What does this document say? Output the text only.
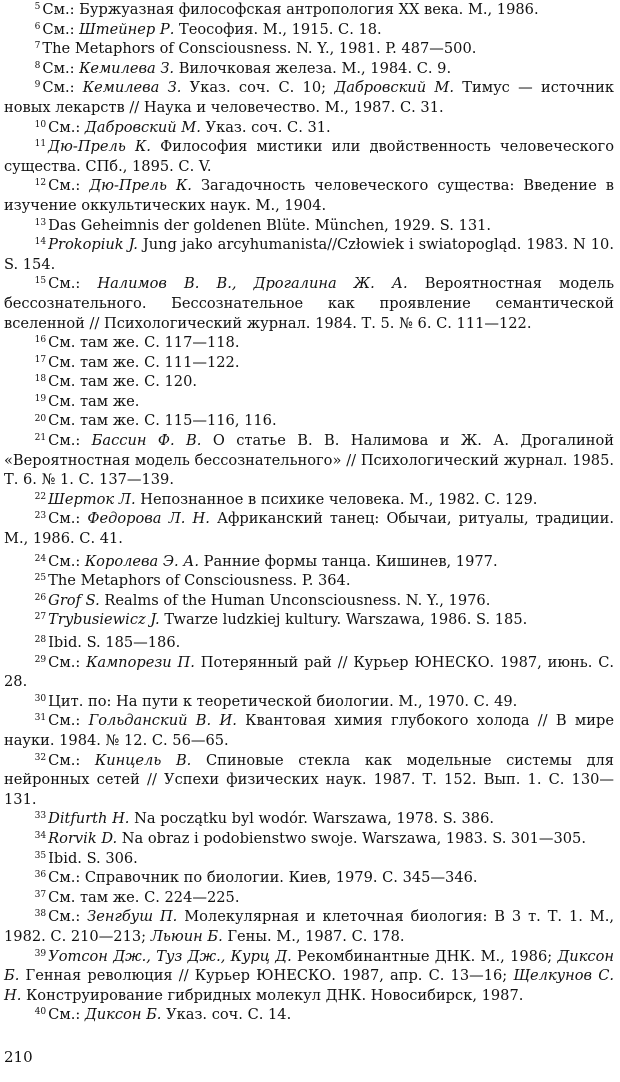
$^5$ См.: Буржуазная философская антропология XX века. М., 1986.

$^6$ См.: Штейнер Р. Теософия. М., 1915. С. 18.

$^7$ The Metaphors of Consciousness. N. Y., 1981. P. 487—500.

$^8$ См.: Кемилева З. Вилочковая железа. М., 1984. С. 9.

$^9$ См.: Кемилева З. Указ. соч. С. 10; Дабровский М. Тимус — источник новых лекарств // Наука и человечество. М., 1987. С. 31.

$^{10}$ См.: Дабровский М. Указ. соч. С. 31.

$^{11}$ Дю-Прель К. Философия мистики или двойственность человеческого существа. СПб., 1895. С. V.

$^{12}$ См.: Дю-Прель К. Загадочность человеческого существа: Введение в изучение оккультических наук. М., 1904.

$^{13}$ Das Geheimnis der goldenen Blüte. München, 1929. S. 131.

$^{14}$ Prokopiuk J. Jung jako arcyhumanista//Człowiek i swiatopogląd. 1983. N 10. S. 154.

$^{15}$ См.: Налимов В. В., Дрогалина Ж. А. Вероятностная модель бессознательного. Бессознательное как проявление семантической вселенной // Психологический журнал. 1984. Т. 5. № 6. С. 111—122.

$^{16}$ См. там же. С. 117—118.

$^{17}$ См. там же. С. 111—122.

$^{18}$ См. там же. С. 120.

$^{19}$ См. там же.

$^{20}$ См. там же. С. 115—116, 116.

$^{21}$ См.: Бассин Ф. В. О статье В. В. Налимова и Ж. А. Дрогалиной «Вероятностная модель бессознательного» // Психологический журнал. 1985. Т. 6. № 1. С. 137—139.

$^{22}$ Шерток Л. Непознанное в психике человека. М., 1982. С. 129.

$^{23}$ См.: Федорова Л. Н. Африканский танец: Обычаи, ритуалы, традиции. М., 1986. С. 41.

$^{24}$ См.: Королева Э. А. Ранние формы танца. Кишинев, 1977.

$^{25}$ The Metaphors of Consciousness. P. 364.

$^{26}$ Grof S. Realms of the Human Unconsciousness. N. Y., 1976.

$^{27}$ Trybusiewicz J. Twarze ludzkiej kultury. Warszawa, 1986. S. 185.

$^{28}$ Ibid. S. 185—186.

$^{29}$ См.: Кампорези П. Потерянный рай // Курьер ЮНЕСКО. 1987, июнь. С. 28.

$^{30}$ Цит. по: На пути к теоретической биологии. М., 1970. С. 49.

$^{31}$ См.: Гольданский В. И. Квантовая химия глубокого холода // В мире науки. 1984. № 12. С. 56—65.

$^{32}$ См.: Кинцель В. Спиновые стекла как модельные системы для нейронных сетей // Успехи физических наук. 1987. Т. 152. Вып. 1. С. 130—131.

$^{33}$ Ditfurth H. Na początku byl wodór. Warszawa, 1978. S. 386.

$^{34}$ Rorvik D. Na obraz i podobienstwo swoje. Warszawa, 1983. S. 301—305.

$^{35}$ Ibid. S. 306.

$^{36}$ См.: Справочник по биологии. Киев, 1979. С. 345—346.

$^{37}$ См. там же. С. 224—225.

$^{38}$ См.: Зенгбуш П. Молекулярная и клеточная биология: В 3 т. Т. 1. М., 1982. С. 210—213; Льюин Б. Гены. М., 1987. С. 178.

$^{39}$ Уотсон Дж., Туз Дж., Курц Д. Рекомбинантные ДНК. М., 1986; Диксон Б. Генная революция // Курьер ЮНЕСКО. 1987, апр. С. 13—16; Щелкунов С. Н. Конструирование гибридных молекул ДНК. Новосибирск, 1987.

$^{40}$ См.: Диксон Б. Указ. соч. С. 14.

210
